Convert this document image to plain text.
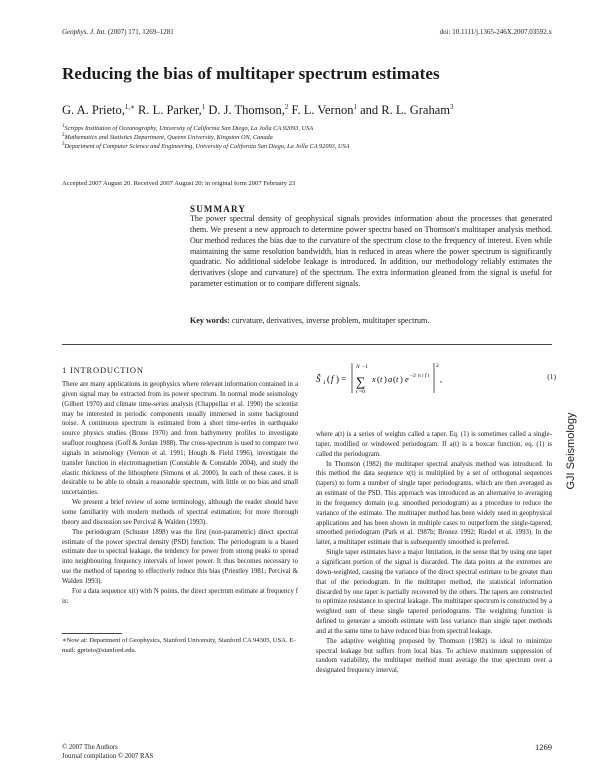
Geophys. J. Int. (2007) 171, 1269–1281	doi: 10.1111/j.1365-246X.2007.03592.x
Reducing the bias of multitaper spectrum estimates
G. A. Prieto,$^{1,∗}$ R. L. Parker,$^1$ D. J. Thomson,$^2$ F. L. Vernon$^1$ and R. L. Graham$^3$
$^1$Scripps Institution of Oceanography, University of California San Diego, La Jolla CA 92093, USA
$^2$Mathematics and Statistics Department, Queens University, Kingston ON, Canada
$^3$Department of Computer Science and Engineering, University of California San Diego, La Jolla CA 92093, USA
Accepted 2007 August 20. Received 2007 August 20; in original form 2007 February 23
SUMMARY
The power spectral density of geophysical signals provides information about the processes that generated them. We present a new approach to determine power spectra based on Thomson's multitaper analysis method. Our method reduces the bias due to the curvature of the spectrum close to the frequency of interest. Even while maintaining the same resolution bandwidth, bias is reduced in areas where the power spectrum is significantly quadratic. No additional sidelobe leakage is introduced. In addition, our methodology reliably estimates the derivatives (slope and curvature) of the spectrum. The extra information gleaned from the signal is useful for parameter estimation or to compare different signals.
Key words: curvature, derivatives, inverse problem, multitaper spectrum.
1 INTRODUCTION

There are many applications in geophysics where relevant information contained in a given signal may be extracted from its power spectrum. In normal mode seismology (Gilbert 1970) and climate time-series analysis (Chappellaz et al. 1990) the scientist may be interested in periodic components usually immersed in some background noise. A continuous spectrum is estimated from a short time-series in earthquake source physics studies (Brune 1970) and from bathymetry profiles to investigate seafloor roughness (Goff & Jordan 1988). The cross-spectrum is used to compare two signals in seismology (Vernon et al. 1991; Hough & Field 1996), investigate the transfer function in electromagnetism (Constable & Constable 2004), and study the elastic thickness of the lithosphere (Simons et al. 2000). In each of these cases, it is desirable to be able to obtain a reasonable spectrum, with little or no bias and small uncertainties.

We present a brief review of some terminology, although the reader should have some familiarity with modern methods of spectral estimation; for more thorough theory and discussion see Percival & Walden (1993).

The periodogram (Schuster 1898) was the first (non-parametric) direct spectral estimate of the power spectral density (PSD) function. The periodogram is a biased estimate due to spectral leakage, the tendency for power from strong peaks to spread into neighbouring frequency intervals of lower power. It thus becomes necessary to use the method of tapering to effectively reduce this bias (Priestley 1981; Percival & Walden 1993).

For a data sequence x(t) with N points, the direct spectrum estimate at frequency f is:

Ŝ 1 ( f ) =
N −1
∑
t =0
x ( t ) a ( t ) e −2 π i f t
2
,	(1)

where a(t) is a series of weights called a taper. Eq. (1) is sometimes called a single-taper, modified or windowed periodogram. If a(t) is a boxcar function, eq. (1) is called the periodogram.

In Thomson (1982) the multitaper spectral analysis method was introduced. In this method the data sequence x(t) is multiplied by a set of orthogonal sequences (tapers) to form a number of single taper periodograms, which are then averaged as an estimate of the PSD. This approach was introduced as an alternative to averaging in the frequency domain (e.g. smoothed periodogram) as a procedure to reduce the variance of the estimate. The multitaper method has been widely used in geophysical applications and has been shown in multiple cases to outperform the single-tapered, smoothed periodogram (Park et al. 1987b; Bronez 1992; Riedel et al. 1993). In the latter, a multitaper estimate that is subsequently smoothed is preferred.

Single taper estimates have a major limitation, in the sense that by using one taper a significant portion of the signal is discarded. The data points at the extremes are down-weighted, causing the variance of the direct spectral estimate to be greater than that of the periodogram. In the multitaper method, the statistical information discarded by one taper is partially recovered by the others. The tapers are constructed to optimize resistance to spectral leakage. The multitaper spectrum is constructed by a weighted sum of these single tapered periodograms. The weighting function is defined to generate a smooth estimate with less variance than single taper methods and at the same time to have reduced bias from spectral leakage.

The adaptive weighting proposed by Thomson (1982) is ideal to minimize spectral leakage but suffers from local bias. To achieve maximum suppression of random variability, the multitaper method must average the true spectrum over a designated frequency interval,

∗Now at: Department of Geophysics, Stanford University, Stanford CA 94305, USA. E-mail: gprieto@stanford.edu.
© 2007 The Authors
Journal compilation © 2007 RAS
1269
GJI Seismology
